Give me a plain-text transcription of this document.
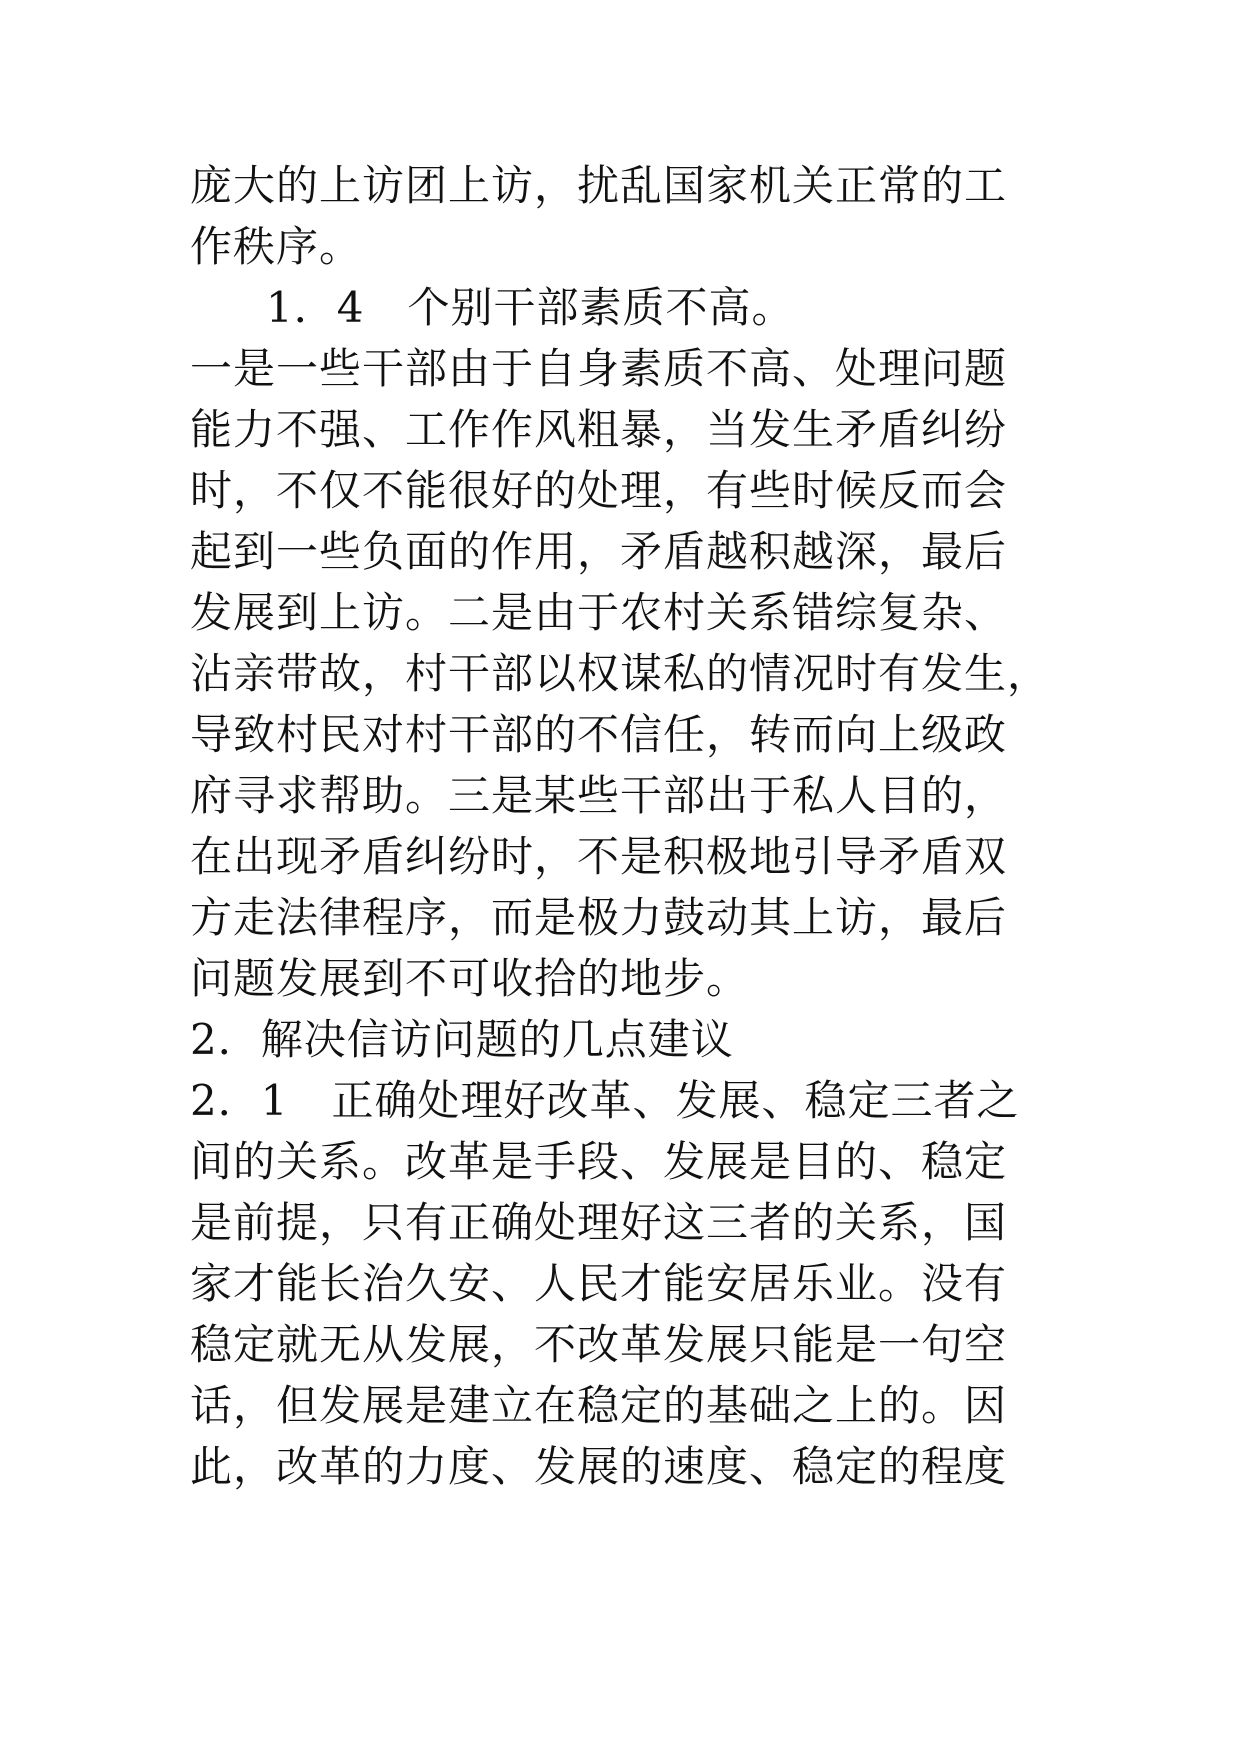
庞大的上访团上访，扰乱国家机关正常的工
作秩序。
1．4　个别干部素质不高。
一是一些干部由于自身素质不高、处理问题
能力不强、工作作风粗暴，当发生矛盾纠纷
时，不仅不能很好的处理，有些时候反而会
起到一些负面的作用，矛盾越积越深，最后
发展到上访。二是由于农村关系错综复杂、
沾亲带故，村干部以权谋私的情况时有发生，
导致村民对村干部的不信任，转而向上级政
府寻求帮助。三是某些干部出于私人目的，
在出现矛盾纠纷时，不是积极地引导矛盾双
方走法律程序，而是极力鼓动其上访，最后
问题发展到不可收拾的地步。
2．解决信访问题的几点建议
2．1　正确处理好改革、发展、稳定三者之
间的关系。改革是手段、发展是目的、稳定
是前提，只有正确处理好这三者的关系，国
家才能长治久安、人民才能安居乐业。没有
稳定就无从发展，不改革发展只能是一句空
话，但发展是建立在稳定的基础之上的。因
此，改革的力度、发展的速度、稳定的程度
